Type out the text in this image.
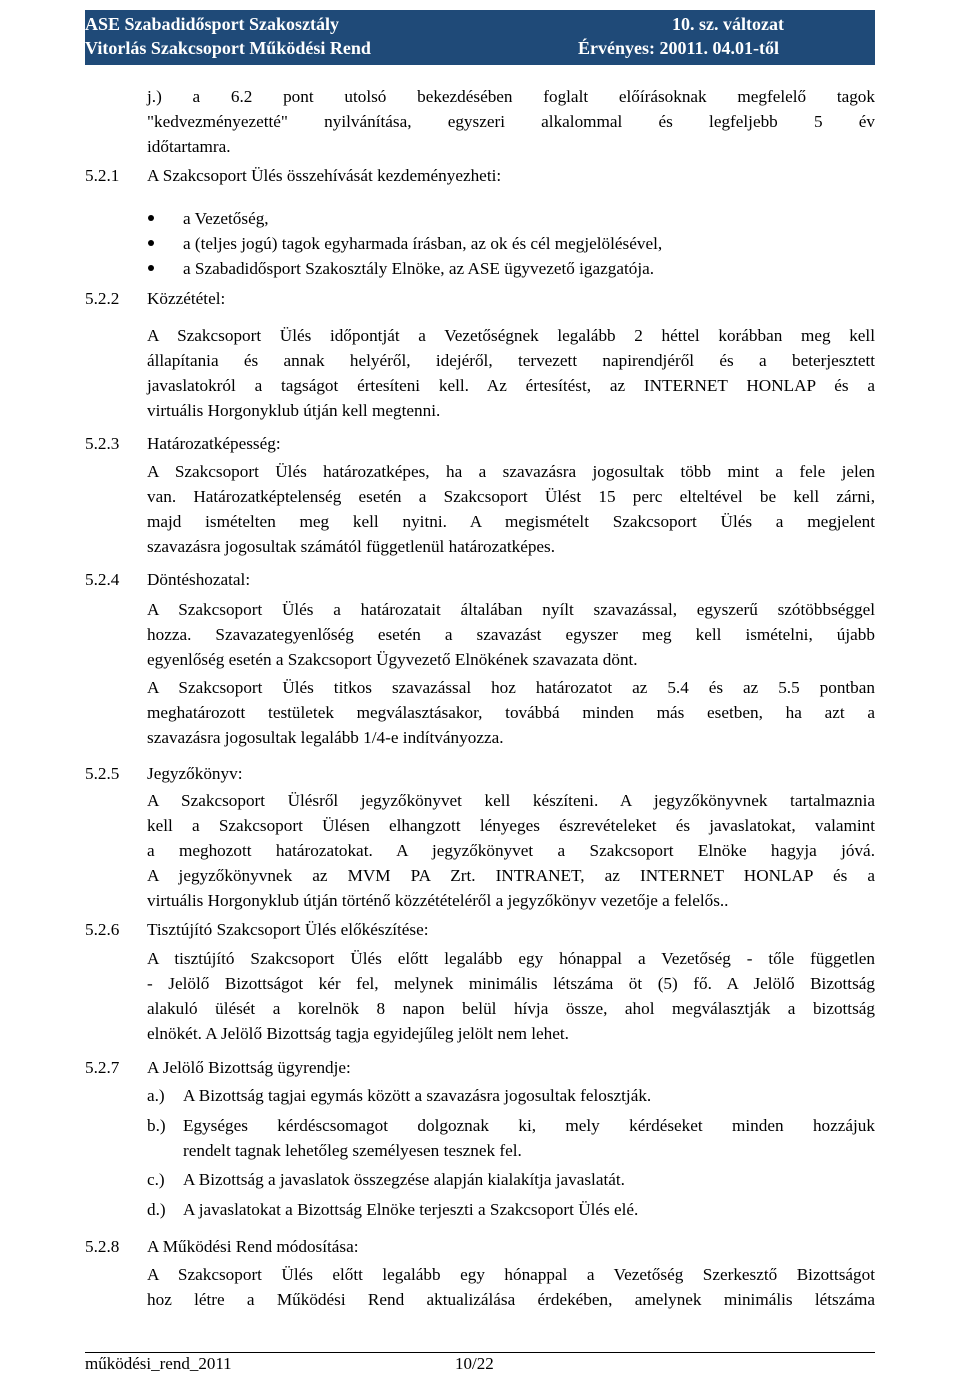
ASE Szabadidősport Szakosztály
Vitorlás Szakcsoport Működési Rend
10. sz. változat
Érvényes: 20011. 04.01-től
j.) a 6.2 pont utolsó bekezdésében foglalt előírásoknak megfelelő tagok
"kedvezményezetté" nyilvánítása, egyszeri alkalommal és legfeljebb 5 év
időtartamra.
5.2.1 A Szakcsoport Ülés összehívását kezdeményezheti:
a Vezetőség,
a (teljes jogú) tagok egyharmada írásban, az ok és cél megjelölésével,
a Szabadidősport Szakosztály Elnöke, az ASE ügyvezető igazgatója.
5.2.2 Közzététel:
A Szakcsoport Ülés időpontját a Vezetőségnek legalább 2 héttel korábban meg kell
állapítania és annak helyéről, idejéről, tervezett napirendjéről és a beterjesztett
javaslatokról a tagságot értesíteni kell. Az értesítést, az INTERNET HONLAP és a
virtuális Horgonyklub útján kell megtenni.
5.2.3 Határozatképesség:
A Szakcsoport Ülés határozatképes, ha a szavazásra jogosultak több mint a fele jelen
van. Határozatképtelenség esetén a Szakcsoport Ülést 15 perc elteltével be kell zárni,
majd ismételten meg kell nyitni. A megismételt Szakcsoport Ülés a megjelent
szavazásra jogosultak számától függetlenül határozatképes.
5.2.4 Döntéshozatal:
A Szakcsoport Ülés a határozatait általában nyílt szavazással, egyszerű szótöbbséggel
hozza. Szavazategyenlőség esetén a szavazást egyszer meg kell ismételni, újabb
egyenlőség esetén a Szakcsoport Ügyvezető Elnökének szavazata dönt.
A Szakcsoport Ülés titkos szavazással hoz határozatot az 5.4 és az 5.5 pontban
meghatározott testületek megválasztásakor, továbbá minden más esetben, ha azt a
szavazásra jogosultak legalább 1/4-e indítványozza.
5.2.5 Jegyzőkönyv:
A Szakcsoport Ülésről jegyzőkönyvet kell készíteni. A jegyzőkönyvnek tartalmaznia
kell a Szakcsoport Ülésen elhangzott lényeges észrevételeket és javaslatokat, valamint
a meghozott határozatokat. A jegyzőkönyvet a Szakcsoport Elnöke hagyja jóvá.
A jegyzőkönyvnek az MVM PA Zrt. INTRANET, az INTERNET HONLAP és a
virtuális Horgonyklub útján történő közzétételéről a jegyzőkönyv vezetője a felelős..
5.2.6 Tisztújító Szakcsoport Ülés előkészítése:
A tisztújító Szakcsoport Ülés előtt legalább egy hónappal a Vezetőség - tőle független
- Jelölő Bizottságot kér fel, melynek minimális létszáma öt (5) fő. A Jelölő Bizottság
alakuló ülését a korelnök 8 napon belül hívja össze, ahol megválasztják a bizottság
elnökét. A Jelölő Bizottság tagja egyidejűleg jelölt nem lehet.
5.2.7 A Jelölő Bizottság ügyrendje:
a.) A Bizottság tagjai egymás között a szavazásra jogosultak felosztják.
b.) Egységes kérdéscsomagot dolgoznak ki, mely kérdéseket minden hozzájuk
rendelt tagnak lehetőleg személyesen tesznek fel.
c.) A Bizottság a javaslatok összegzése alapján kialakítja javaslatát.
d.) A javaslatokat a Bizottság Elnöke terjeszti a Szakcsoport Ülés elé.
5.2.8 A Működési Rend módosítása:
A Szakcsoport Ülés előtt legalább egy hónappal a Vezetőség Szerkesztő Bizottságot
hoz létre a Működési Rend aktualizálása érdekében, amelynek minimális létszáma
működési_rend_2011	10/22
